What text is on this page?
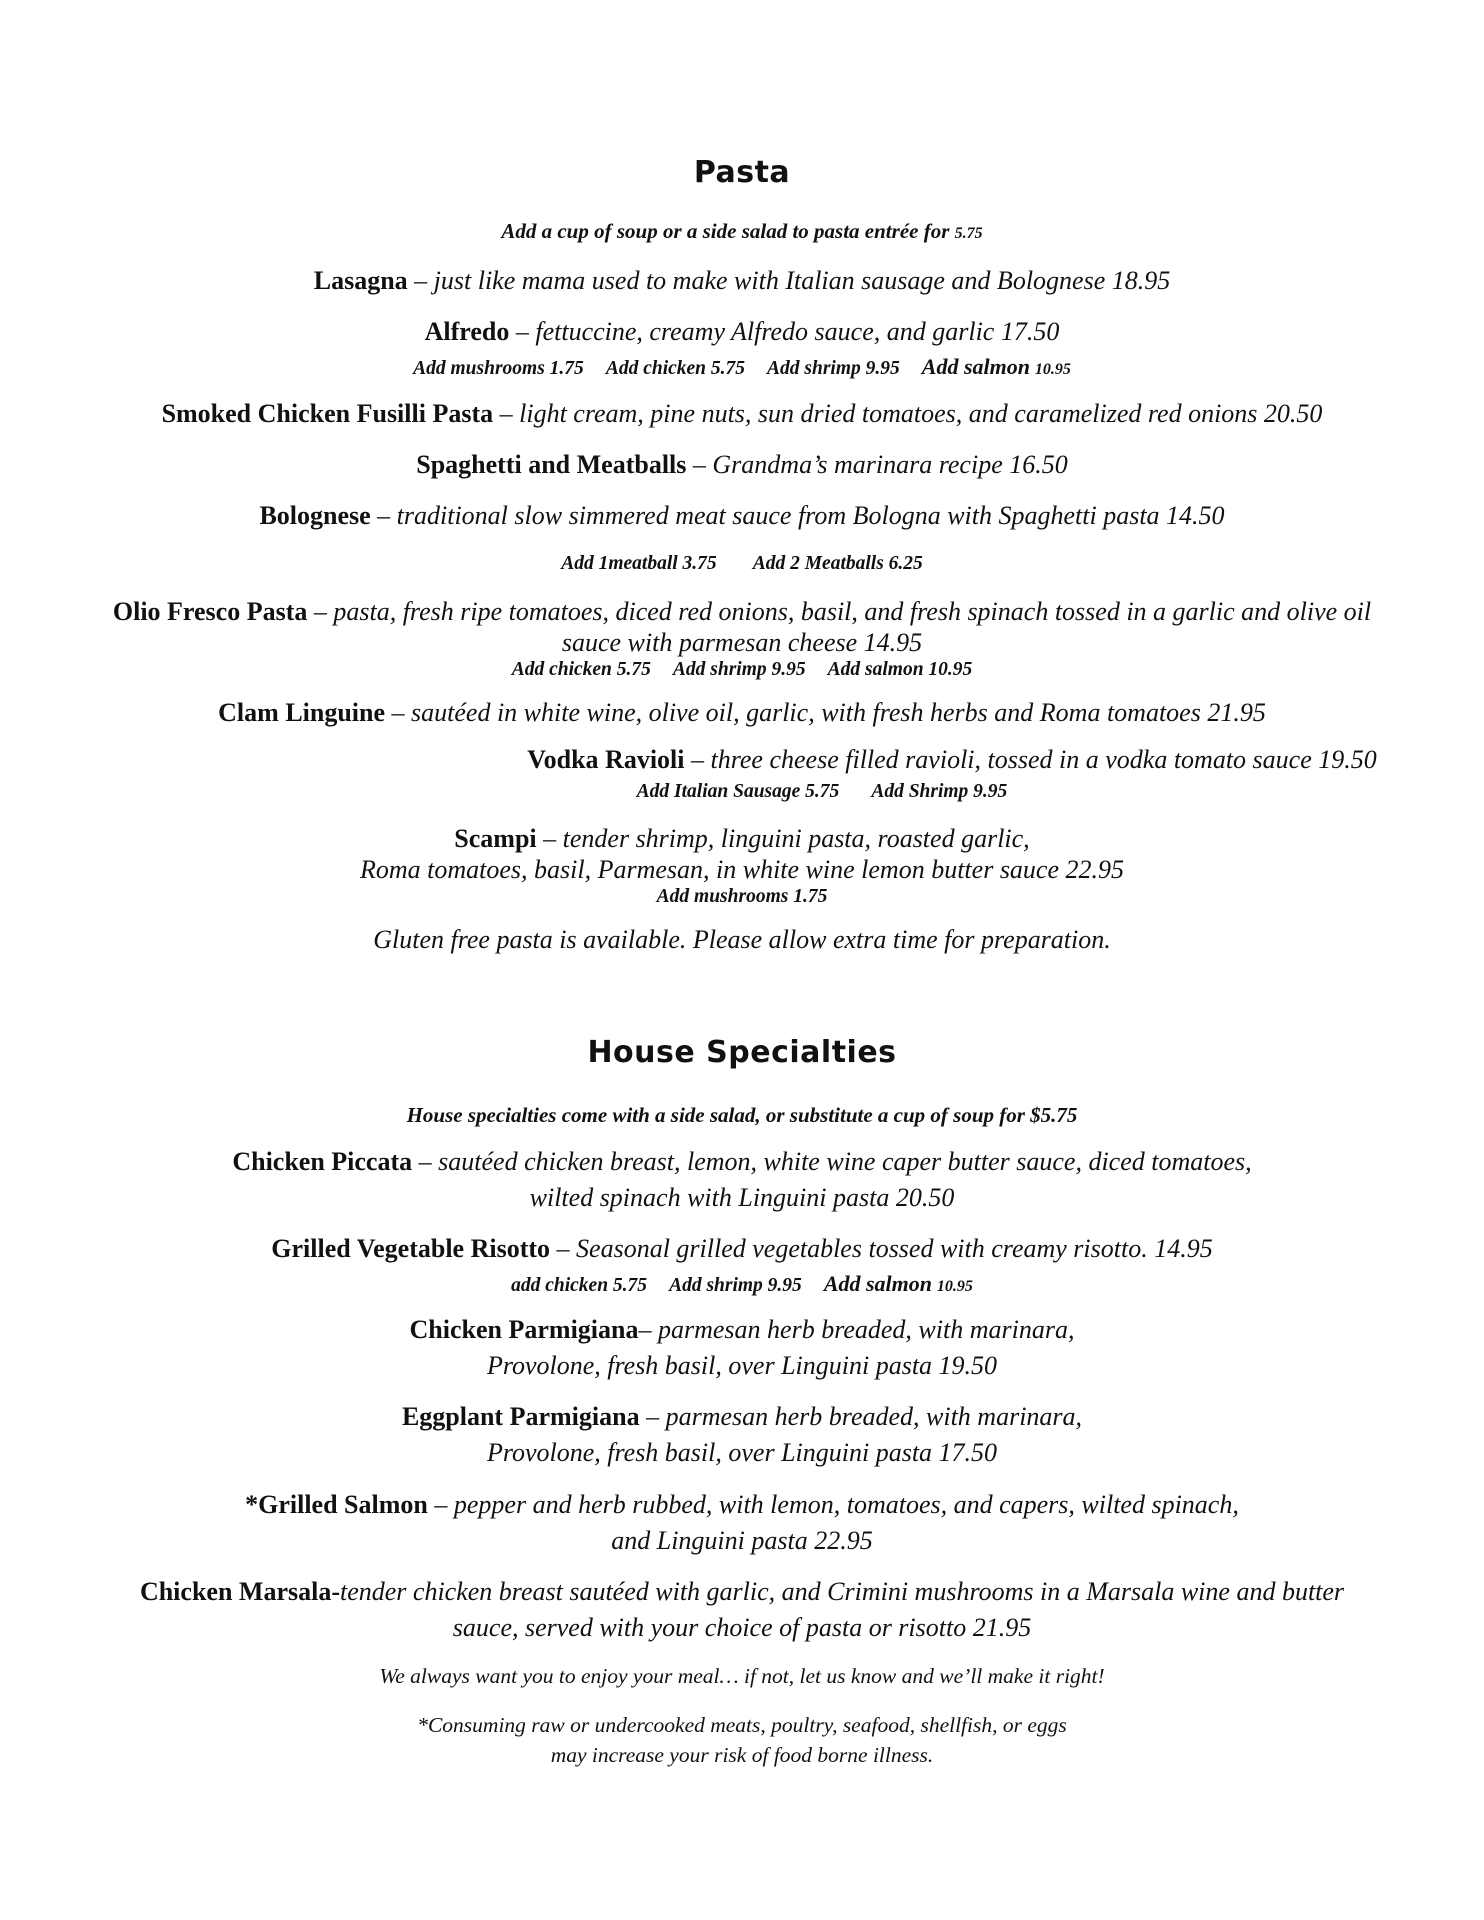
Pasta
Add a cup of soup or a side salad to pasta entrée for 5.75
Lasagna – just like mama used to make with Italian sausage and Bolognese 18.95
Alfredo – fettuccine, creamy Alfredo sauce, and garlic 17.50
Add mushrooms 1.75 Add chicken 5.75 Add shrimp 9.95 Add salmon 10.95
Smoked Chicken Fusilli Pasta – light cream, pine nuts, sun dried tomatoes, and caramelized red onions 20.50
Spaghetti and Meatballs – Grandma’s marinara recipe 16.50
Bolognese – traditional slow simmered meat sauce from Bologna with Spaghetti pasta 14.50
Add 1meatball 3.75 Add 2 Meatballs 6.25
Olio Fresco Pasta – pasta, fresh ripe tomatoes, diced red onions, basil, and fresh spinach tossed in a garlic and olive oil
sauce with parmesan cheese 14.95
Add chicken 5.75 Add shrimp 9.95 Add salmon 10.95
Clam Linguine – sautéed in white wine, olive oil, garlic, with fresh herbs and Roma tomatoes 21.95
Vodka Ravioli – three cheese filled ravioli, tossed in a vodka tomato sauce 19.50
Add Italian Sausage 5.75 Add Shrimp 9.95
Scampi – tender shrimp, linguini pasta, roasted garlic,
Roma tomatoes, basil, Parmesan, in white wine lemon butter sauce 22.95
Add mushrooms 1.75
Gluten free pasta is available. Please allow extra time for preparation.
House Specialties
House specialties come with a side salad, or substitute a cup of soup for $5.75
Chicken Piccata – sautéed chicken breast, lemon, white wine caper butter sauce, diced tomatoes,
wilted spinach with Linguini pasta 20.50
Grilled Vegetable Risotto – Seasonal grilled vegetables tossed with creamy risotto. 14.95
add chicken 5.75 Add shrimp 9.95 Add salmon 10.95
Chicken Parmigiana– parmesan herb breaded, with marinara,
Provolone, fresh basil, over Linguini pasta 19.50
Eggplant Parmigiana – parmesan herb breaded, with marinara,
Provolone, fresh basil, over Linguini pasta 17.50
*Grilled Salmon – pepper and herb rubbed, with lemon, tomatoes, and capers, wilted spinach,
and Linguini pasta 22.95
Chicken Marsala-tender chicken breast sautéed with garlic, and Crimini mushrooms in a Marsala wine and butter
sauce, served with your choice of pasta or risotto 21.95
We always want you to enjoy your meal… if not, let us know and we’ll make it right!
*Consuming raw or undercooked meats, poultry, seafood, shellfish, or eggs
may increase your risk of food borne illness.
